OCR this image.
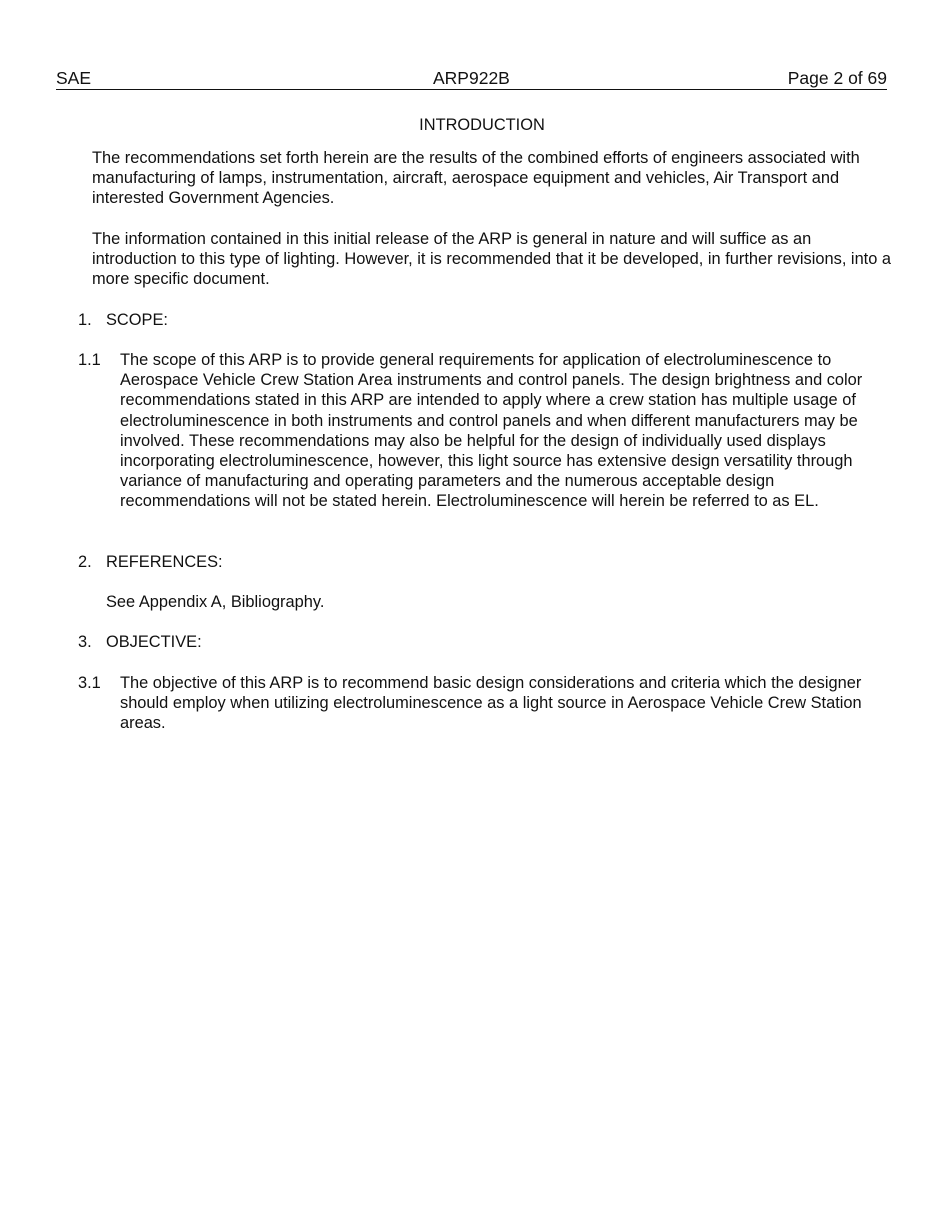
SAE	ARP922B	Page 2 of 69
INTRODUCTION

The recommendations set forth herein are the results of the combined efforts of engineers associated with manufacturing of lamps, instrumentation, aircraft, aerospace equipment and vehicles, Air Transport and interested Government Agencies.

The information contained in this initial release of the ARP is general in nature and will suffice as an introduction to this type of lighting. However, it is recommended that it be developed, in further revisions, into a more specific document.

1. SCOPE:
1.1 The scope of this ARP is to provide general requirements for application of electroluminescence to Aerospace Vehicle Crew Station Area instruments and control panels. The design brightness and color recommendations stated in this ARP are intended to apply where a crew station has multiple usage of electroluminescence in both instruments and control panels and when different manufacturers may be involved. These recommendations may also be helpful for the design of individually used displays incorporating electroluminescence, however, this light source has extensive design versatility through variance of manufacturing and operating parameters and the numerous acceptable design recommendations will not be stated herein. Electroluminescence will herein be referred to as EL.

2. REFERENCES:
See Appendix A, Bibliography.
3. OBJECTIVE:
3.1 The objective of this ARP is to recommend basic design considerations and criteria which the designer should employ when utilizing electroluminescence as a light source in Aerospace Vehicle Crew Station areas.
